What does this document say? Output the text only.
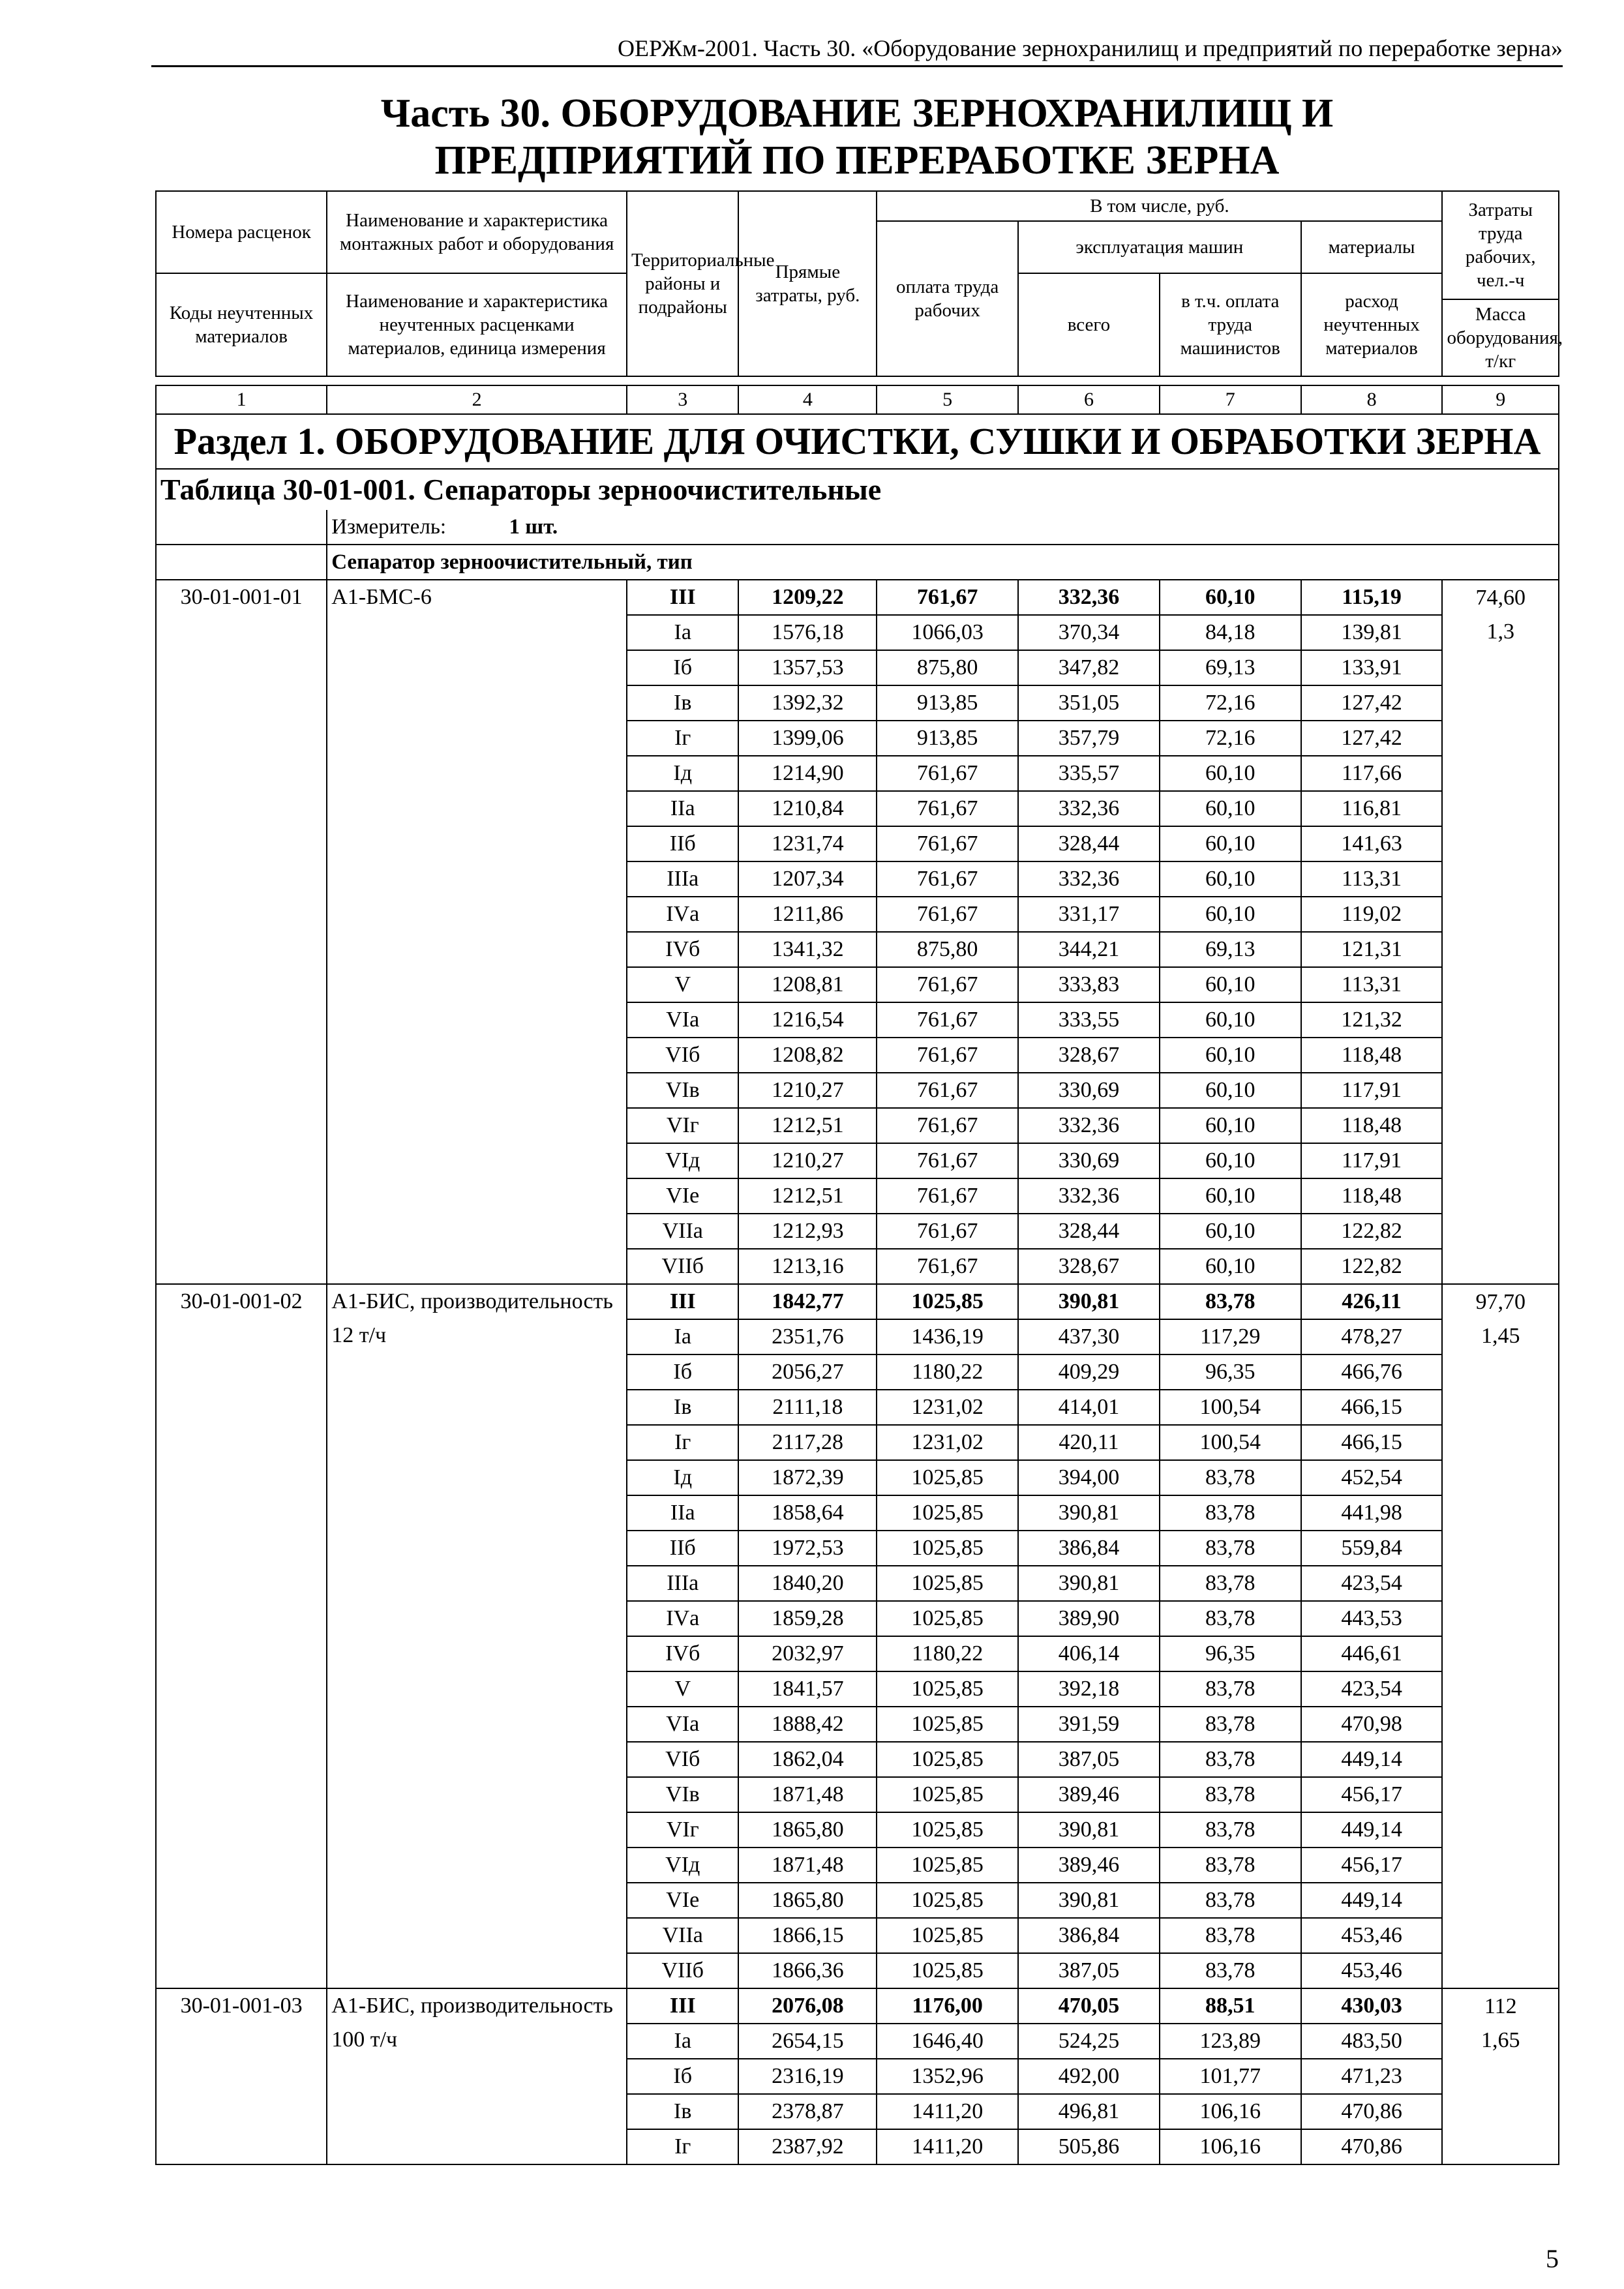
ОЕРЖм-2001. Часть 30. «Оборудование зернохранилищ и предприятий по переработке зерна»
Часть 30. ОБОРУДОВАНИЕ ЗЕРНОХРАНИЛИЩ И
ПРЕДПРИЯТИЙ ПО ПЕРЕРАБОТКЕ ЗЕРНА
Номера расценок	Наименование и характеристика монтажных работ и оборудования	Территориальные районы и подрайоны	Прямые затраты, руб.	В том числе, руб.				Затраты труда рабочих, чел.-ч
				оплата труда рабочих	эксплуатация машин		материалы	
Коды неучтенных материалов	Наименование и характеристика неучтенных расценками материалов, единица измерения				всего	в т.ч. оплата труда машинистов	расход неучтенных материалов	
								Масса оборудования, т/кг

1	2	3	4	5	6	7	8	9
Раздел 1. ОБОРУДОВАНИЕ ДЛЯ ОЧИСТКИ, СУШКИ И ОБРАБОТКИ ЗЕРНА								
Таблица 30-01-001. Сепараторы зерноочистительные								
	Измеритель: 1 шт.							
	Сепаратор зерноочистительный, тип							
30-01-001-01	А1-БМС-6	III	1209,22	761,67	332,36	60,10	115,19	74,60
		Iа	1576,18	1066,03	370,34	84,18	139,81	1,3
		Iб	1357,53	875,80	347,82	69,13	133,91	
		Iв	1392,32	913,85	351,05	72,16	127,42	
		Iг	1399,06	913,85	357,79	72,16	127,42	
		Iд	1214,90	761,67	335,57	60,10	117,66	
		IIа	1210,84	761,67	332,36	60,10	116,81	
		IIб	1231,74	761,67	328,44	60,10	141,63	
		IIIа	1207,34	761,67	332,36	60,10	113,31	
		IVа	1211,86	761,67	331,17	60,10	119,02	
		IVб	1341,32	875,80	344,21	69,13	121,31	
		V	1208,81	761,67	333,83	60,10	113,31	
		VIа	1216,54	761,67	333,55	60,10	121,32	
		VIб	1208,82	761,67	328,67	60,10	118,48	
		VIв	1210,27	761,67	330,69	60,10	117,91	
		VIг	1212,51	761,67	332,36	60,10	118,48	
		VIд	1210,27	761,67	330,69	60,10	117,91	
		VIе	1212,51	761,67	332,36	60,10	118,48	
		VIIа	1212,93	761,67	328,44	60,10	122,82	
		VIIб	1213,16	761,67	328,67	60,10	122,82	
30-01-001-02	А1-БИС, производительность 12 т/ч	III	1842,77	1025,85	390,81	83,78	426,11	97,70
		Iа	2351,76	1436,19	437,30	117,29	478,27	1,45
		Iб	2056,27	1180,22	409,29	96,35	466,76	
		Iв	2111,18	1231,02	414,01	100,54	466,15	
		Iг	2117,28	1231,02	420,11	100,54	466,15	
		Iд	1872,39	1025,85	394,00	83,78	452,54	
		IIа	1858,64	1025,85	390,81	83,78	441,98	
		IIб	1972,53	1025,85	386,84	83,78	559,84	
		IIIа	1840,20	1025,85	390,81	83,78	423,54	
		IVа	1859,28	1025,85	389,90	83,78	443,53	
		IVб	2032,97	1180,22	406,14	96,35	446,61	
		V	1841,57	1025,85	392,18	83,78	423,54	
		VIа	1888,42	1025,85	391,59	83,78	470,98	
		VIб	1862,04	1025,85	387,05	83,78	449,14	
		VIв	1871,48	1025,85	389,46	83,78	456,17	
		VIг	1865,80	1025,85	390,81	83,78	449,14	
		VIд	1871,48	1025,85	389,46	83,78	456,17	
		VIе	1865,80	1025,85	390,81	83,78	449,14	
		VIIа	1866,15	1025,85	386,84	83,78	453,46	
		VIIб	1866,36	1025,85	387,05	83,78	453,46	
30-01-001-03	А1-БИС, производительность 100 т/ч	III	2076,08	1176,00	470,05	88,51	430,03	112
		Iа	2654,15	1646,40	524,25	123,89	483,50	1,65
		Iб	2316,19	1352,96	492,00	101,77	471,23	
		Iв	2378,87	1411,20	496,81	106,16	470,86	
		Iг	2387,92	1411,20	505,86	106,16	470,86	
5
